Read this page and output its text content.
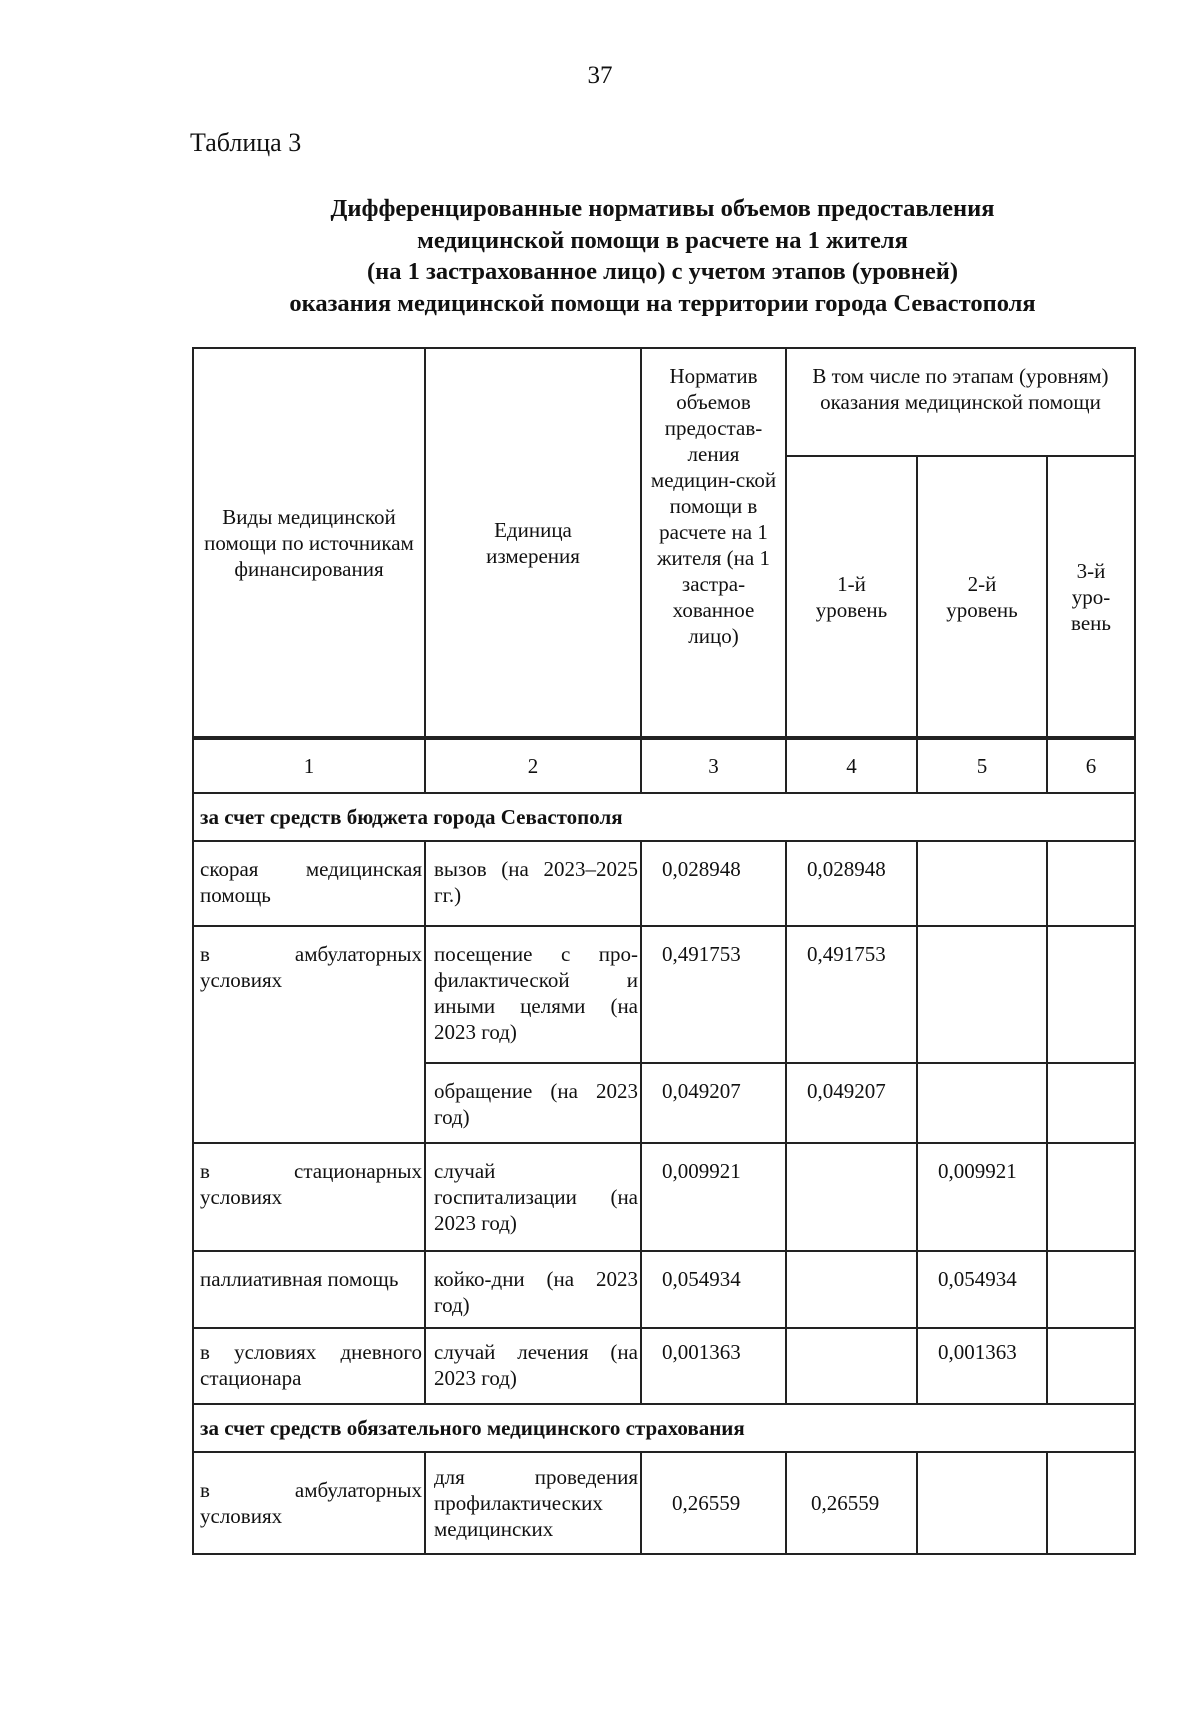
37
Таблица 3
Дифференцированные нормативы объемов предоставления
медицинской помощи в расчете на 1 жителя
(на 1 застрахованное лицо) с учетом этапов (уровней)
оказания медицинской помощи на территории города Севастополя
Виды медицинской помощи по источникам финансирования	Единица измерения	Норматив объемов предостав-ления медицин-ской помощи в расчете на 1 жителя (на 1 застра-хованное лицо)	В том числе по этапам (уровням) оказания медицинской помощи		
			1-й уровень	2-й уровень	3-й уро-вень
1	2	3	4	5	6
за счет средств бюджета города Севастополя					
скорая медицинская помощь	вызов (на 2023–2025 гг.)	0,028948	0,028948		
в амбулаторных условиях	посещение с про-филактической и иными целями (на 2023 год)	0,491753	0,491753		
	обращение (на 2023 год)	0,049207	0,049207		
в стационарных условиях	случай госпитализации (на 2023 год)	0,009921		0,009921	
паллиативная помощь	койко-дни (на 2023 год)	0,054934		0,054934	
в условиях дневного стационара	случай лечения (на 2023 год)	0,001363		0,001363	
за счет средств обязательного медицинского страхования					
в амбулаторных условиях	для проведения профилактических медицинских	0,26559	0,26559		
